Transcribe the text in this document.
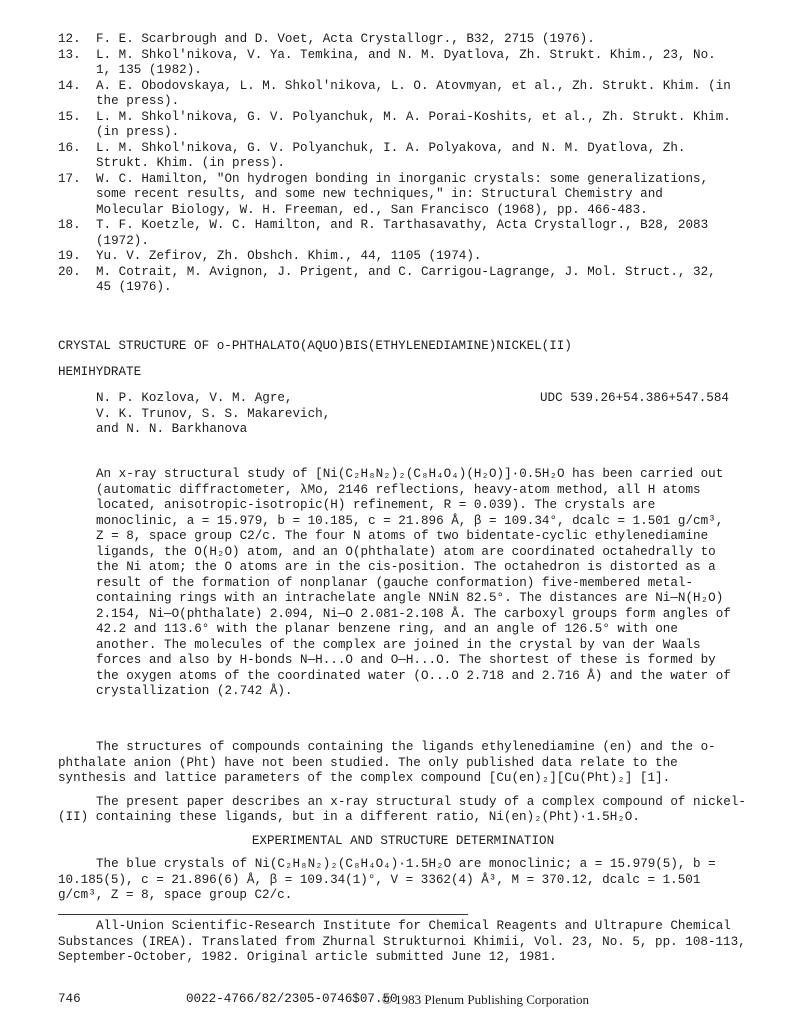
12.	F. E. Scarbrough and D. Voet, Acta Crystallogr., B32, 2715 (1976).
13.	L. M. Shkol'nikova, V. Ya. Temkina, and N. M. Dyatlova, Zh. Strukt. Khim., 23, No. 1, 135 (1982).
14.	A. E. Obodovskaya, L. M. Shkol'nikova, L. O. Atovmyan, et al., Zh. Strukt. Khim. (in the press).
15.	L. M. Shkol'nikova, G. V. Polyanchuk, M. A. Porai-Koshits, et al., Zh. Strukt. Khim. (in press).
16.	L. M. Shkol'nikova, G. V. Polyanchuk, I. A. Polyakova, and N. M. Dyatlova, Zh. Strukt. Khim. (in press).
17.	W. C. Hamilton, "On hydrogen bonding in inorganic crystals: some generalizations, some recent results, and some new techniques," in: Structural Chemistry and Molecular Biology, W. H. Freeman, ed., San Francisco (1968), pp. 466-483.
18.	T. F. Koetzle, W. C. Hamilton, and R. Tarthasavathy, Acta Crystallogr., B28, 2083 (1972).
19.	Yu. V. Zefirov, Zh. Obshch. Khim., 44, 1105 (1974).
20.	M. Cotrait, M. Avignon, J. Prigent, and C. Carrigou-Lagrange, J. Mol. Struct., 32, 45 (1976).
CRYSTAL STRUCTURE OF o-PHTHALATO(AQUO)BIS(ETHYLENEDIAMINE)NICKEL(II)
HEMIHYDRATE
N. P. Kozlova, V. M. Agre,
V. K. Trunov, S. S. Makarevich,
and N. N. Barkhanova
UDC 539.26+54.386+547.584

An x-ray structural study of [Ni(C₂H₈N₂)₂(C₈H₄O₄)(H₂O)]·0.5H₂O has been carried out (automatic diffractometer, λMo, 2146 reflections, heavy-atom method, all H atoms located, anisotropic-isotropic(H) refinement, R = 0.039). The crystals are monoclinic, a = 15.979, b = 10.185, c = 21.896 Å, β = 109.34°, dcalc = 1.501 g/cm³, Z = 8, space group C2/c. The four N atoms of two bidentate-cyclic ethylenediamine ligands, the O(H₂O) atom, and an O(phthalate) atom are coordinated octahedrally to the Ni atom; the O atoms are in the cis-position. The octahedron is distorted as a result of the formation of nonplanar (gauche conformation) five-membered metal-containing rings with an intrachelate angle NNiN 82.5°. The distances are Ni—N(H₂O) 2.154, Ni—O(phthalate) 2.094, Ni—O 2.081-2.108 Å. The carboxyl groups form angles of 42.2 and 113.6° with the planar benzene ring, and an angle of 126.5° with one another. The molecules of the complex are joined in the crystal by van der Waals forces and also by H-bonds N—H...O and O—H...O. The shortest of these is formed by the oxygen atoms of the coordinated water (O...O 2.718 and 2.716 Å) and the water of crystallization (2.742 Å).

The structures of compounds containing the ligands ethylenediamine (en) and the o-phthalate anion (Pht) have not been studied. The only published data relate to the synthesis and lattice parameters of the complex compound [Cu(en)₂][Cu(Pht)₂] [1].

The present paper describes an x-ray structural study of a complex compound of nickel-(II) containing these ligands, but in a different ratio, Ni(en)₂(Pht)·1.5H₂O.

EXPERIMENTAL AND STRUCTURE DETERMINATION

The blue crystals of Ni(C₂H₈N₂)₂(C₈H₄O₄)·1.5H₂O are monoclinic; a = 15.979(5), b = 10.185(5), c = 21.896(6) Å, β = 109.34(1)°, V = 3362(4) Å³, M = 370.12, dcalc = 1.501 g/cm³, Z = 8, space group C2/c.

All-Union Scientific-Research Institute for Chemical Reagents and Ultrapure Chemical Substances (IREA). Translated from Zhurnal Strukturnoi Khimii, Vol. 23, No. 5, pp. 108-113, September-October, 1982. Original article submitted June 12, 1981.
746	0022-4766/82/2305-0746$07.50
© 1983 Plenum Publishing Corporation
